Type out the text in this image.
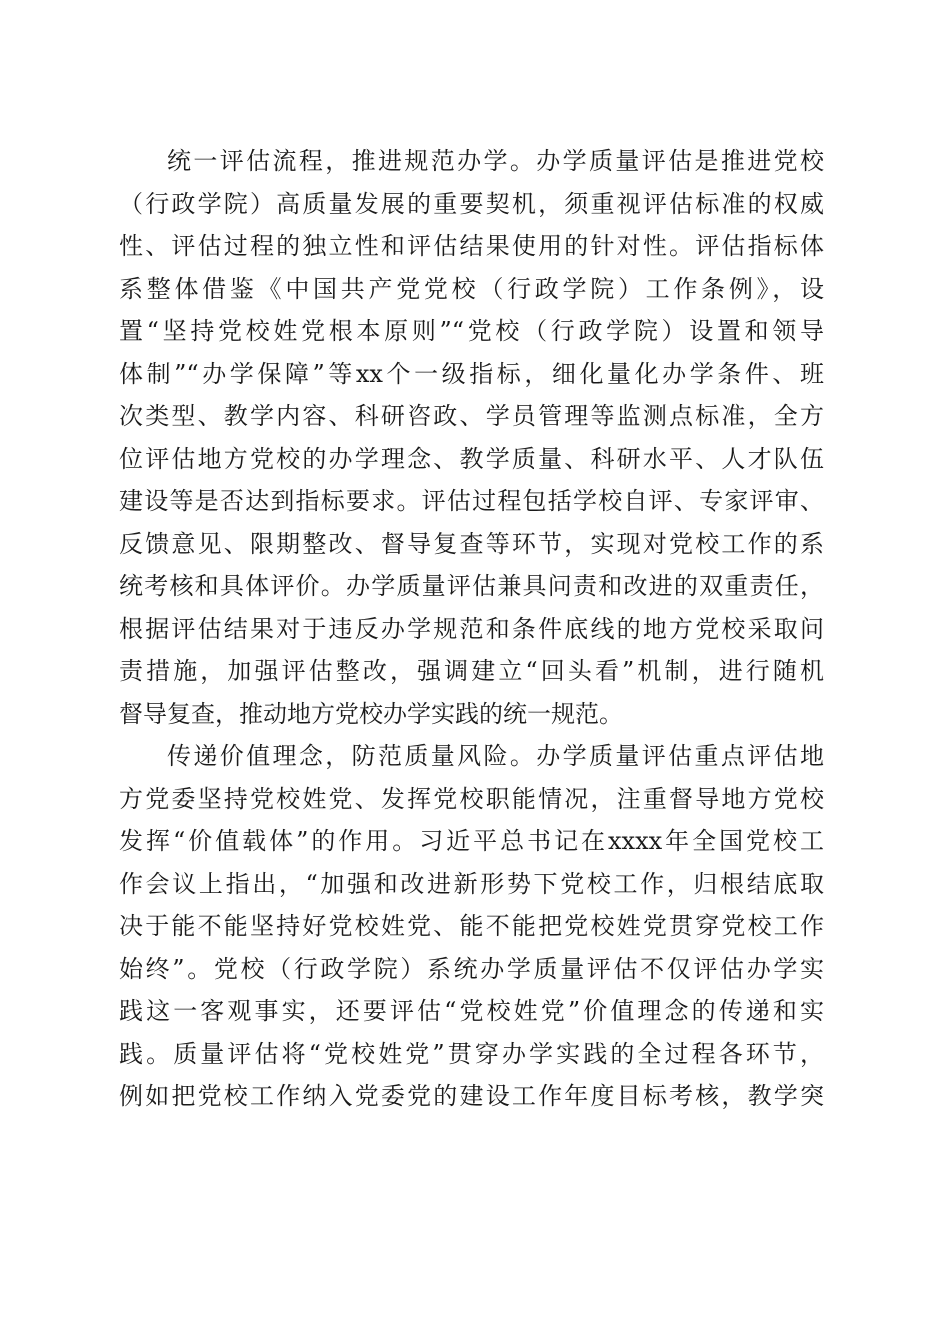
统一评估流程，推进规范办学。办学质量评估是推进党校
（行政学院）高质量发展的重要契机，须重视评估标准的权威
性、评估过程的独立性和评估结果使用的针对性。评估指标体
系整体借鉴《中国共产党党校（行政学院）工作条例》，设
置“坚持党校姓党根本原则”“党校（行政学院）设置和领导
体制”“办学保障”等xx个一级指标，细化量化办学条件、班
次类型、教学内容、科研咨政、学员管理等监测点标准，全方
位评估地方党校的办学理念、教学质量、科研水平、人才队伍
建设等是否达到指标要求。评估过程包括学校自评、专家评审、
反馈意见、限期整改、督导复查等环节，实现对党校工作的系
统考核和具体评价。办学质量评估兼具问责和改进的双重责任，
根据评估结果对于违反办学规范和条件底线的地方党校采取问
责措施，加强评估整改，强调建立“回头看”机制，进行随机
督导复查，推动地方党校办学实践的统一规范。
传递价值理念，防范质量风险。办学质量评估重点评估地
方党委坚持党校姓党、发挥党校职能情况，注重督导地方党校
发挥“价值载体”的作用。习近平总书记在xxxx年全国党校工
作会议上指出，“加强和改进新形势下党校工作，归根结底取
决于能不能坚持好党校姓党、能不能把党校姓党贯穿党校工作
始终”。党校（行政学院）系统办学质量评估不仅评估办学实
践这一客观事实，还要评估“党校姓党”价值理念的传递和实
践。质量评估将“党校姓党”贯穿办学实践的全过程各环节，
例如把党校工作纳入党委党的建设工作年度目标考核，教学突
